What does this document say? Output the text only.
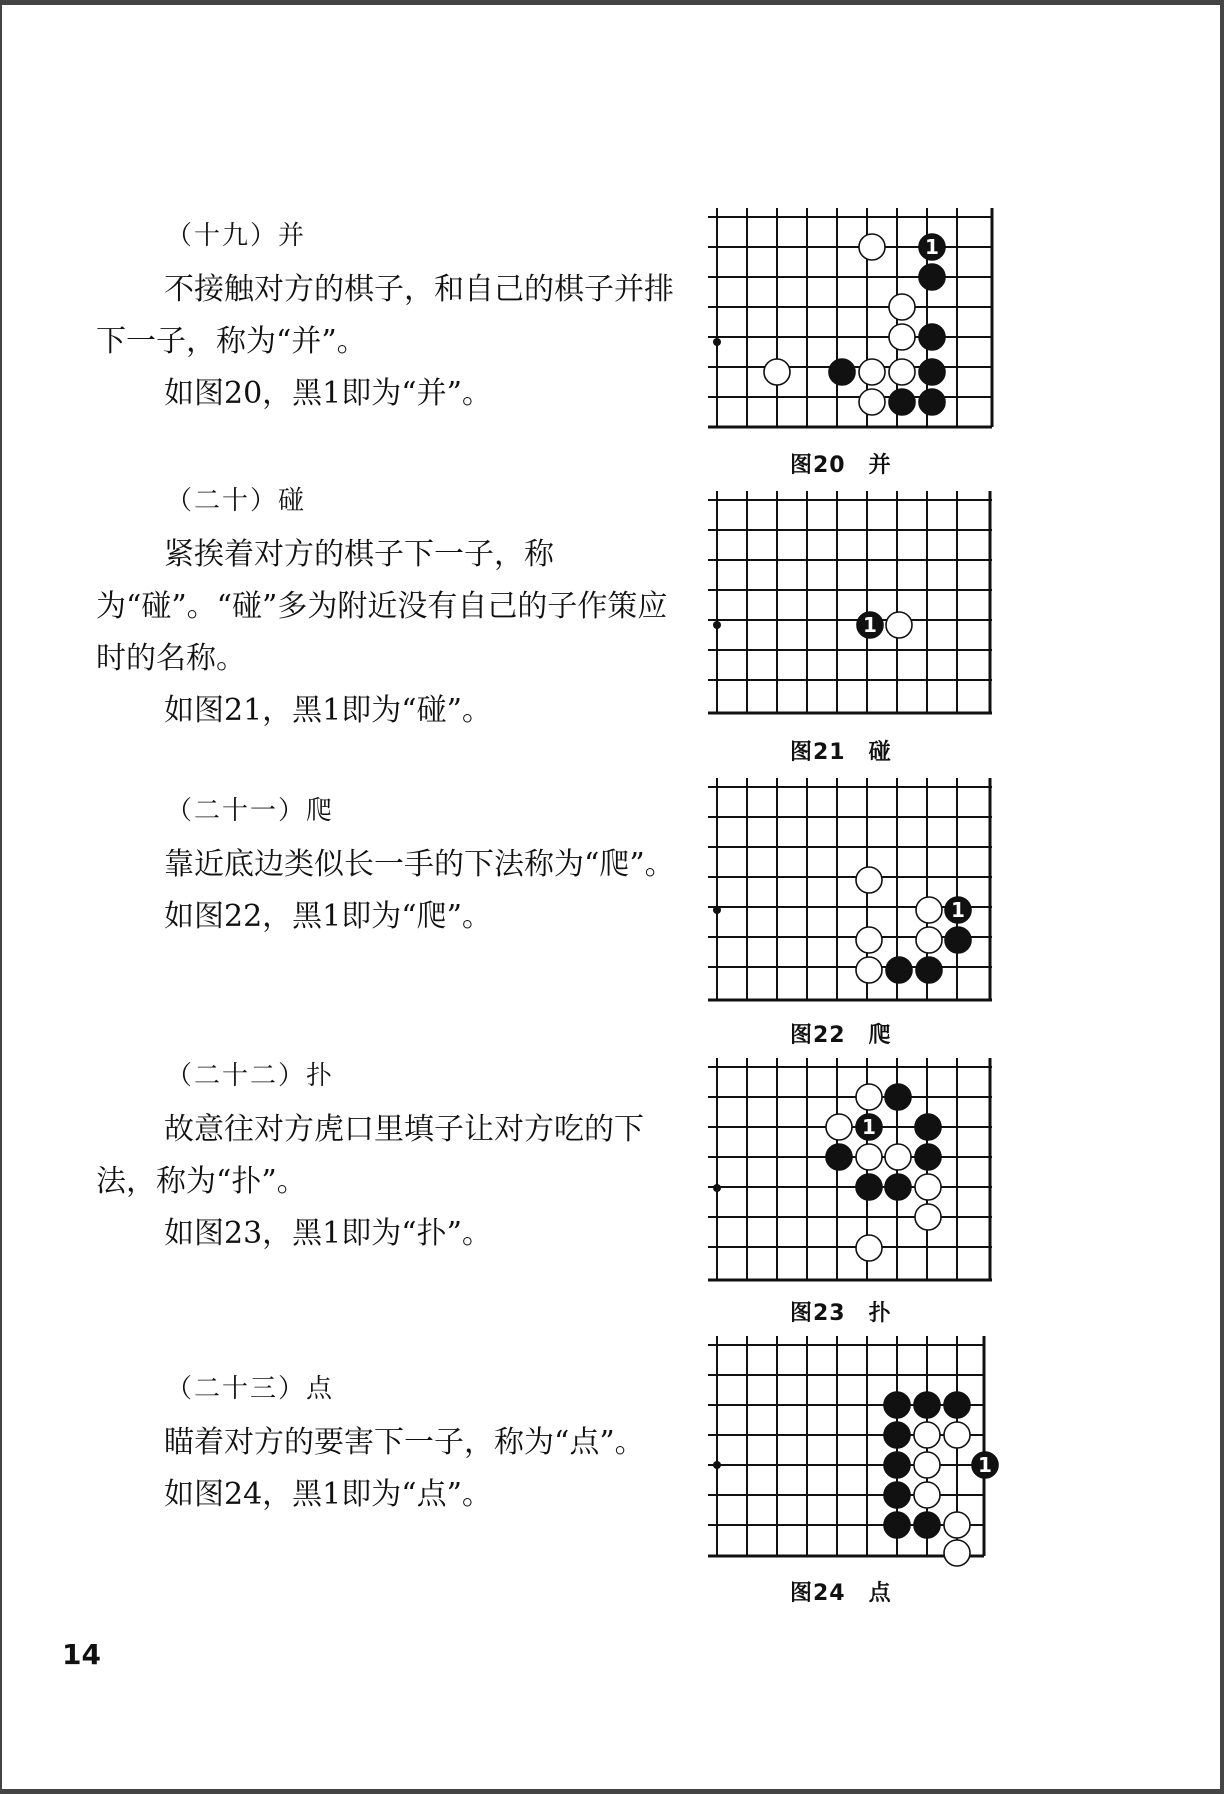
（十九）并

不接触对方的棋子，和自己的棋子并排下一子，称为“并”。

如图20，黑1即为“并”。

（二十）碰

紧挨着对方的棋子下一子，称为“碰”。“碰”多为附近没有自己的子作策应时的名称。

如图21，黑1即为“碰”。

（二十一）爬

靠近底边类似长一手的下法称为“爬”。

如图22，黑1即为“爬”。

（二十二）扑

故意往对方虎口里填子让对方吃的下法，称为“扑”。

如图23，黑1即为“扑”。

（二十三）点

瞄着对方的要害下一子，称为“点”。

如图24，黑1即为“点”。

1
图20　并
1
图21　碰
1
图22　爬
1
图23　扑
1
图24　点
14
